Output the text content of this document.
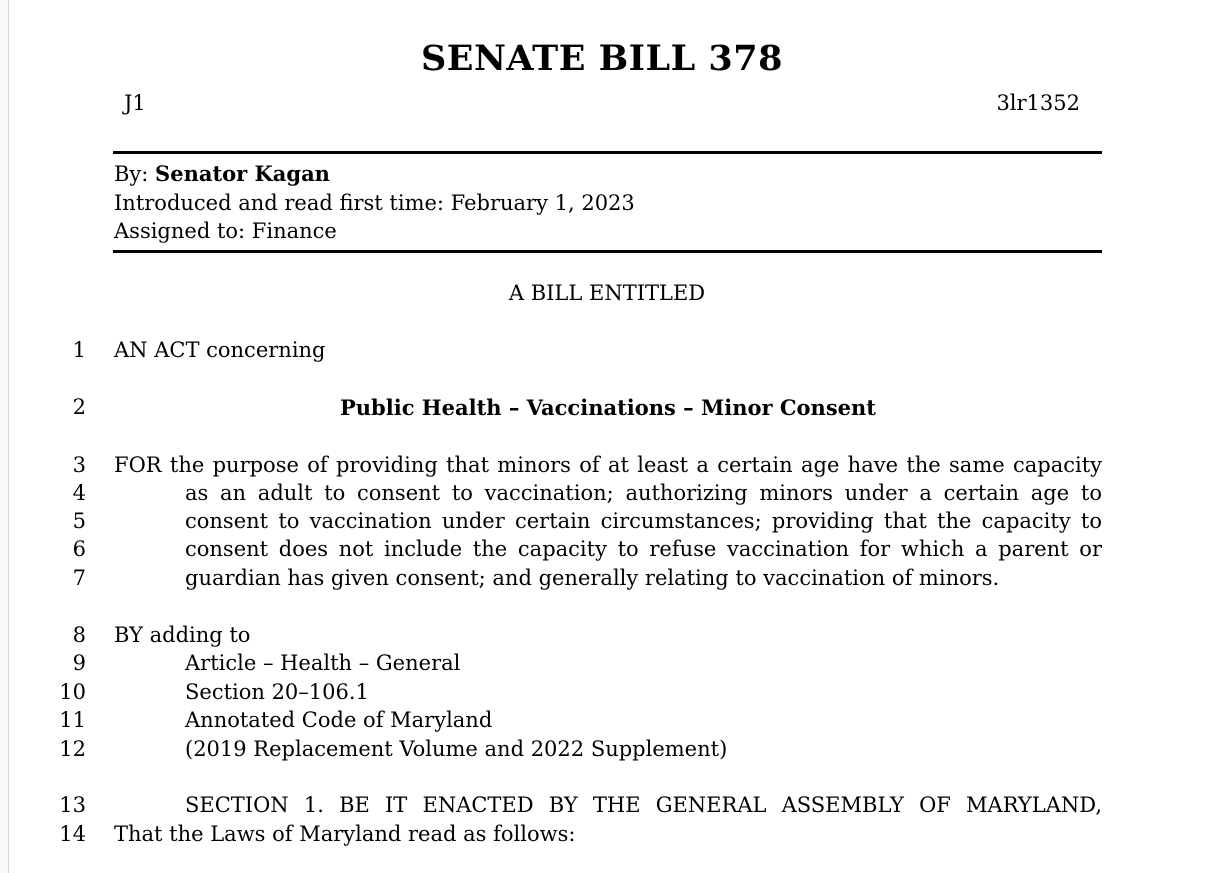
SENATE BILL 378
J1	3lr1352
By: Senator Kagan
Introduced and read first time: February 1, 2023
Assigned to: Finance
A BILL ENTITLED
1 AN ACT concerning
2	Public Health – Vaccinations – Minor Consent
3 FOR the purpose of providing that minors of at least a certain age have the same capacity
4	as an adult to consent to vaccination; authorizing minors under a certain age to
5	consent to vaccination under certain circumstances; providing that the capacity to
6	consent does not include the capacity to refuse vaccination for which a parent or
7	guardian has given consent; and generally relating to vaccination of minors.
8 BY adding to
9	Article – Health – General
10	Section 20–106.1
11	Annotated Code of Maryland
12	(2019 Replacement Volume and 2022 Supplement)
13	SECTION 1. BE IT ENACTED BY THE GENERAL ASSEMBLY OF MARYLAND,
14 That the Laws of Maryland read as follows:
